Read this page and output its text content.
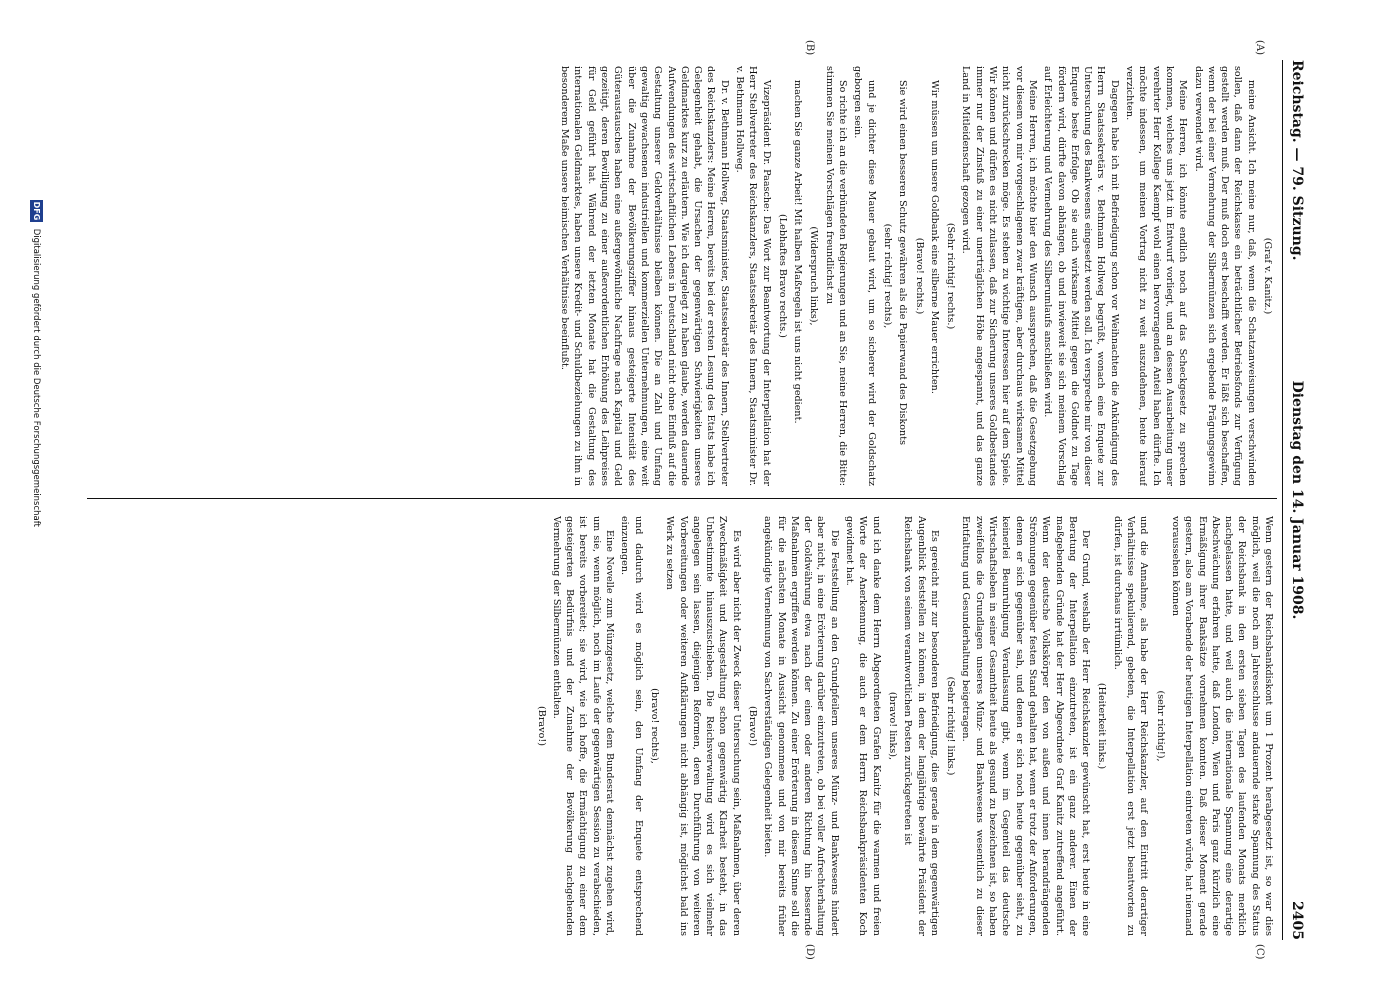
Reichstag. — 79. Sitzung.
Dienstag den 14. Januar 1908.
2405
(A)
(B)
(C)
(D)

(Graf v. Kanitz.)

meine Ansicht. Ich meine nur, daß, wenn die Schatzanweisungen verschwinden sollen, daß dann der Reichskasse ein beträchtlicher Betriebsfonds zur Verfügung gestellt werden muß. Der muß doch erst beschafft werden. Er läßt sich beschaffen, wenn der bei einer Vermehrung der Silbermünzen sich ergebende Prägungsgewinn dazu verwendet wird.

Meine Herren, ich könnte endlich noch auf das Scheckgesetz zu sprechen kommen, welches uns jetzt im Entwurf vorliegt, und an dessen Ausarbeitung unser verehrter Herr Kollege Kaempf wohl einen hervorragenden Anteil haben dürfte. Ich möchte indessen, um meinen Vortrag nicht zu weit auszudehnen, heute hierauf verzichten.

Dagegen habe ich mit Befriedigung schon vor Weihnachten die Ankündigung des Herrn Staatssekretärs v. Bethmann Hollweg begrüßt, wonach eine Enquete zur Untersuchung des Bankwesens eingesetzt werden soll. Ich verspreche mir von dieser Enquete beste Erfolge. Ob sie auch wirksame Mittel gegen die Goldnot zu Tage fördern wird, dürfte davon abhängen, ob und inwieweit sie sich meinem Vorschlag auf Erleichterung und Vermehrung des Silberumlaufs anschließen wird.

Meine Herren, ich möchte hier den Wunsch aussprechen, daß die Gesetzgebung vor diesem von mir vorgeschlagenen zwar kräftigen, aber durchaus wirksamen Mittel nicht zurückschrecken möge. Es stehen zu wichtige Interessen hier auf dem Spiele. Wir können und dürfen es nicht zulassen, daß zur Sicherung unseres Goldbestandes immer nur der Zinsfuß zu einer unerträglichen Höhe angespannt, und das ganze Land in Mitleidenschaft gezogen wird.

(Sehr richtig! rechts.)

Wir müssen um unsere Goldbank eine silberne Mauer errichten.

(Bravo! rechts.)

Sie wird einen besseren Schutz gewähren als die Papierwand des Diskonts

(sehr richtig! rechts),

und je dichter diese Mauer gebaut wird, um so sicherer wird der Goldschatz geborgen sein.

So richte ich an die verbündeten Regierungen und an Sie, meine Herren, die Bitte: stimmen Sie meinen Vorschlägen freundlichst zu

(Widerspruch links),

machen Sie ganze Arbeit! Mit halben Maßregeln ist uns nicht gedient.

(Lebhaftes Bravo rechts.)

Vizepräsident Dr. Paasche: Das Wort zur Beantwortung der Interpellation hat der Herr Stellvertreter des Reichskanzlers, Staatssekretär des Innern, Staatsminister Dr. v. Bethmann Hollweg.

Dr. v. Bethmann Hollweg, Staatsminister, Staatssekretär des Innern, Stellvertreter des Reichskanzlers: Meine Herren, bereits bei der ersten Lesung des Etats habe ich Gelegenheit gehabt, die Ursachen der gegenwärtigen Schwierigkeiten unseres Geldmarktes kurz zu erläutern. Wie ich dargelegt zu haben glaube, werden dauernde Aufwendungen des wirtschaftlichen Lebens in Deutschland nicht ohne Einfluß auf die Gestaltung unserer Geldverhältnisse bleiben können. Die an Zahl und Umfang gewaltig gewachsenen industriellen und kommerziellen Unternehmungen, eine weit über die Zunahme der Bevölkerungsziffer hinaus gesteigerte Intensität des Güteraustausches haben eine außergewöhnliche Nachfrage nach Kapital und Geld gezeitigt, deren Bewilligung zu einer außerordentlichen Erhöhung des Leihpreises für Geld geführt hat. Während der letzten Monate hat die Gestaltung des internationalen Geldmarktes, haben unsere Kredit- und Schuldbeziehungen zu ihm in besonderem Maße unsere heimischen Verhältnisse beeinflußt.

Wenn gestern der Reichsbankdiskont um 1 Prozent herabgesetzt ist, so war dies möglich, weil die noch am Jahresschlusse andauernde starke Spannung des Status der Reichsbank in den ersten sieben Tagen des laufenden Monats merklich nachgelassen hatte, und weil auch die internationale Spannung eine derartige Abschwächung erfahren hatte, daß London, Wien und Paris ganz kürzlich eine Ermäßigung ihrer Banksätze vornehmen konnten. Daß dieser Moment gerade gestern, also am Vorabende der heutigen Interpellation eintreten würde, hat niemand voraussehen können

(sehr richtig!),

und die Annahme, als habe der Herr Reichskanzler, auf den Eintritt derartiger Verhältnisse spekulierend, gebeten, die Interpellation erst jetzt beantworten zu dürfen, ist durchaus irrtümlich.

(Heiterkeit links.)

Der Grund, weshalb der Herr Reichskanzler gewünscht hat, erst heute in eine Beratung der Interpellation einzutreten, ist ein ganz anderer. Einen der maßgebenden Gründe hat der Herr Abgeordnete Graf Kanitz zutreffend angeführt. Wenn der deutsche Volkskörper den von außen und innen herandrängenden Strömungen gegenüber festen Stand gehalten hat, wenn er trotz der Anforderungen, denen er sich gegenüber sah, und denen er sich noch heute gegenüber sieht, zu keinerlei Beunruhigung Veranlassung gibt, wenn im Gegenteil das deutsche Wirtschaftsleben in seiner Gesamtheit heute als gesund zu bezeichnen ist, so haben zweifellos die Grundlagen unseres Münz- und Bankwesens wesentlich zu dieser Entfaltung und Gesunderhaltung beigetragen.

(Sehr richtig! links.)

Es gereicht mir zur besonderen Befriedigung, dies gerade in dem gegenwärtigen Augenblick feststellen zu können, in dem der langjährige bewährte Präsident der Reichsbank von seinem verantwortlichen Posten zurückgetreten ist

(bravo! links),

und ich danke dem Herrn Abgeordneten Grafen Kanitz für die warmen und freien Worte der Anerkennung, die auch er dem Herrn Reichsbankpräsidenten Koch gewidmet hat.

Die Feststellung an den Grundpfeilern unseres Münz- und Bankwesens hindert aber nicht, in eine Erörterung darüber einzutreten, ob bei voller Aufrechterhaltung der Goldwährung etwa nach der einen oder anderen Richtung hin bessernde Maßnahmen ergriffen werden können. Zu einer Erörterung in diesem Sinne soll die für die nächsten Monate in Aussicht genommene und von mir bereits früher angekündigte Vernehmung von Sachverständigen Gelegenheit bieten.

(Bravo!)

Es wird aber nicht der Zweck dieser Untersuchung sein, Maßnahmen, über deren Zweckmäßigkeit und Ausgestaltung schon gegenwärtig Klarheit besteht, in das Unbestimmte hinauszuschieben. Die Reichsverwaltung wird es sich vielmehr angelegen sein lassen, diejenigen Reformen, deren Durchführung von weiteren Vorbereitungen oder weiteren Aufklärungen nicht abhängig ist, möglichst bald ins Werk zu setzen

(bravo! rechts),

und dadurch wird es möglich sein, den Umfang der Enquete entsprechend einzuengen.

Eine Novelle zum Münzgesetz, welche dem Bundesrat demnächst zugehen wird, um sie, wenn möglich, noch im Laufe der gegenwärtigen Session zu verabschieden, ist bereits vorbereitet; sie wird, wie ich hoffe, die Ermächtigung zu einer dem gesteigerten Bedürfnis und der Zunahme der Bevölkerung nachgehenden Vermehrung der Silbermünzen enthalten.

(Bravo!)

DFG Digitalisierung gefördert durch die Deutsche Forschungsgemeinschaft
